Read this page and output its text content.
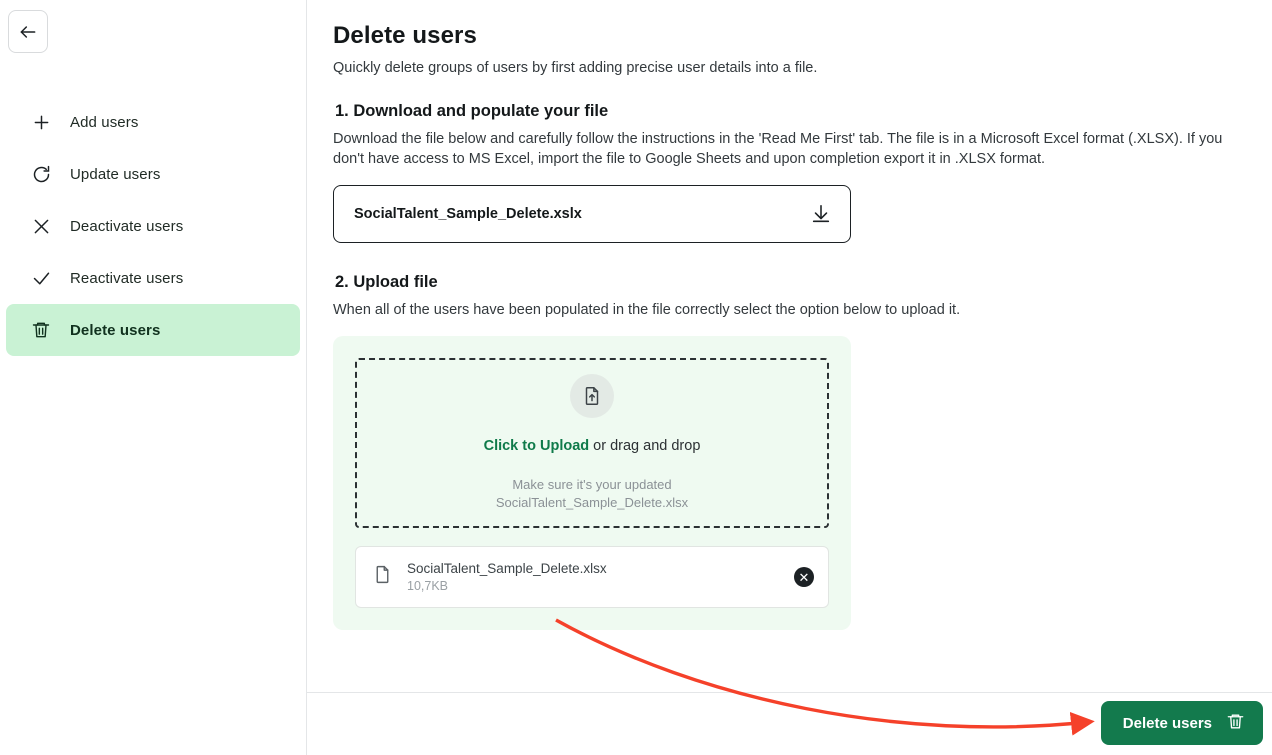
Add users
Update users
Deactivate users
Reactivate users
Delete users
Delete users

Quickly delete groups of users by first adding precise user details into a file.

1. Download and populate your file

Download the file below and carefully follow the instructions in the 'Read Me First' tab. The file is in a Microsoft Excel format (.XLSX). If you don't have access to MS Excel, import the file to Google Sheets and upon completion export it in .XLSX format.

SocialTalent_Sample_Delete.xslx
2. Upload file

When all of the users have been populated in the file correctly select the option below to upload it.

Click to Upload or drag and drop
Make sure it's your updated
SocialTalent_Sample_Delete.xlsx
SocialTalent_Sample_Delete.xlsx
10,7KB
✕
Delete users
